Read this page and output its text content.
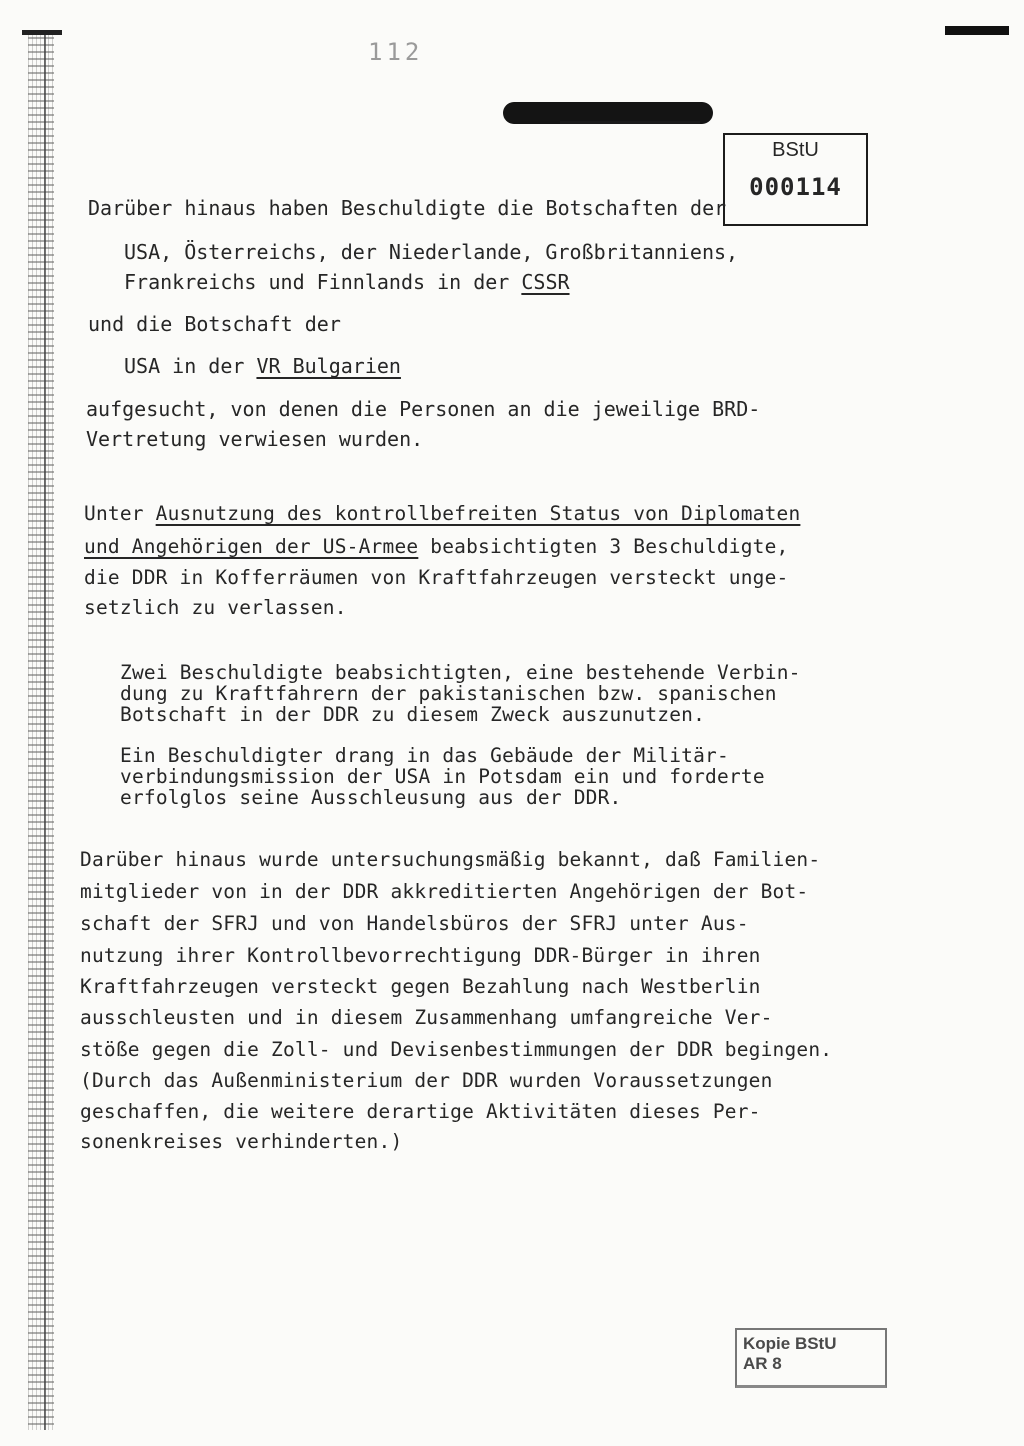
112
BStU
000114
Darüber hinaus haben Beschuldigte die Botschaften der
USA, Österreichs, der Niederlande, Großbritanniens,
Frankreichs und Finnlands in der CSSR
und die Botschaft der
USA in der VR Bulgarien
aufgesucht, von denen die Personen an die jeweilige BRD-
Vertretung verwiesen wurden.
Unter Ausnutzung des kontrollbefreiten Status von Diplomaten
und Angehörigen der US-Armee beabsichtigten 3 Beschuldigte,
die DDR in Kofferräumen von Kraftfahrzeugen versteckt unge-
setzlich zu verlassen.
Zwei Beschuldigte beabsichtigten, eine bestehende Verbin-
dung zu Kraftfahrern der pakistanischen bzw. spanischen
Botschaft in der DDR zu diesem Zweck auszunutzen.
Ein Beschuldigter drang in das Gebäude der Militär-
verbindungsmission der USA in Potsdam ein und forderte
erfolglos seine Ausschleusung aus der DDR.
Darüber hinaus wurde untersuchungsmäßig bekannt, daß Familien-
mitglieder von in der DDR akkreditierten Angehörigen der Bot-
schaft der SFRJ und von Handelsbüros der SFRJ unter Aus-
nutzung ihrer Kontrollbevorrechtigung DDR-Bürger in ihren
Kraftfahrzeugen versteckt gegen Bezahlung nach Westberlin
ausschleusten und in diesem Zusammenhang umfangreiche Ver-
stöße gegen die Zoll- und Devisenbestimmungen der DDR begingen.
(Durch das Außenministerium der DDR wurden Voraussetzungen
geschaffen, die weitere derartige Aktivitäten dieses Per-
sonenkreises verhinderten.)
Kopie BStU
AR 8
